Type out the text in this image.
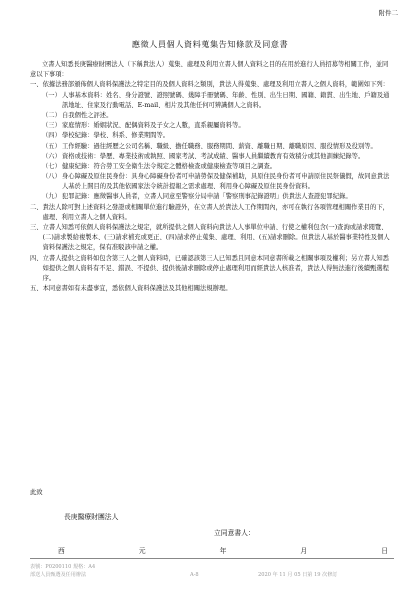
附件二
應徵人員個人資料蒐集告知條款及同意書

立書人知悉長庚醫療財團法人（下稱貴法人）蒐集、處理及利用立書人個人資料之目的在用於進行人員招募等相關工作，並同意以下事項：

一、 依據法務部頒佈個人資料保護法之特定目的及個人資料之類別，貴法人得蒐集、處理及利用立書人之個人資料，範圍如下列：
（一） 人事基本資料：姓名、身分證號、證照號碼、幾障手冊號碼、年齡、性別、出生日期、國籍、籍貫、出生地、戶籍及通訊地址、住家及行動電話、E-mail、相片及其他任何可辨識個人之資料。
（二） 自我個性之評述。
（三） 家庭情形：婚姻狀況、配偶資料及子女之人數，直系親屬資料等。
（四） 學校紀錄：學校、科系、修業期間等。
（五） 工作經驗：過往經歷之公司名稱、職級、擔任職務、服務期間、薪資、離職日期、離職原因、服役情形及役別等。
（六） 資格或技術：學歷、專業技術或執照、國家考試、考試成績、醫事人員繼續教育有效積分或其他訓練紀錄等。
（七） 健康紀錄：符合勞工安全衛生法令規定之體格檢查或健康檢查等項目之調查。
（八） 身心障礙及原住民身份：具身心障礙身份者可申請勞保及健保補助，具原住民身份者可申請原住民祭儀假，故同意貴法人基於上開目的及其他依國家法令統計提報之需求處理、利用身心障礙及原住民身份資料。
（九） 犯罪記錄：應徵醫事人員者，立書人同意至警察分局申請「警察刑事記錄證明」供貴法人查證犯罪紀錄。
二、 貴法人除可對上述資料之發證或相關單位進行驗證外，在立書人於貴法人工作期間內，亦可在執行各項管理相關作業目的下，處理、利用立書人之個人資料。
三、 立書人知悉可依個人資料保護法之規定，就所提供之個人資料向貴法人人事單位申請、行使之權利包含(一)查詢或請求閱覽、(二)請求製給複製本、(三)請求補充或更正、(四)請求停止蒐集、處理、利用、(五)請求刪除。但貴法人基於醫事業特性及個人資料保護法之規定，保有准駁該申請之權。
四、 立書人提供之資料如包含第三人之個人資料時，已確認該第三人已知悉且同意本同意書所載之相關事項及權利；另立書人知悉如提供之個人資料有不足、錯誤、不提供、提供後請求刪除或停止處理利用而經貴法人核准者，貴法人得無法進行後續甄選程序。
五、 本同意書如有未盡事宜，悉依個人資料保護法及其他相關法規辦理。
此致
長庚醫療財團法人
立同意書人：
西	元	年	月	日
表號：P0200110 規格：A4
部送人員甄選及任用辦法	A-8	2020 年 11 月 05 日第 19 次修訂
